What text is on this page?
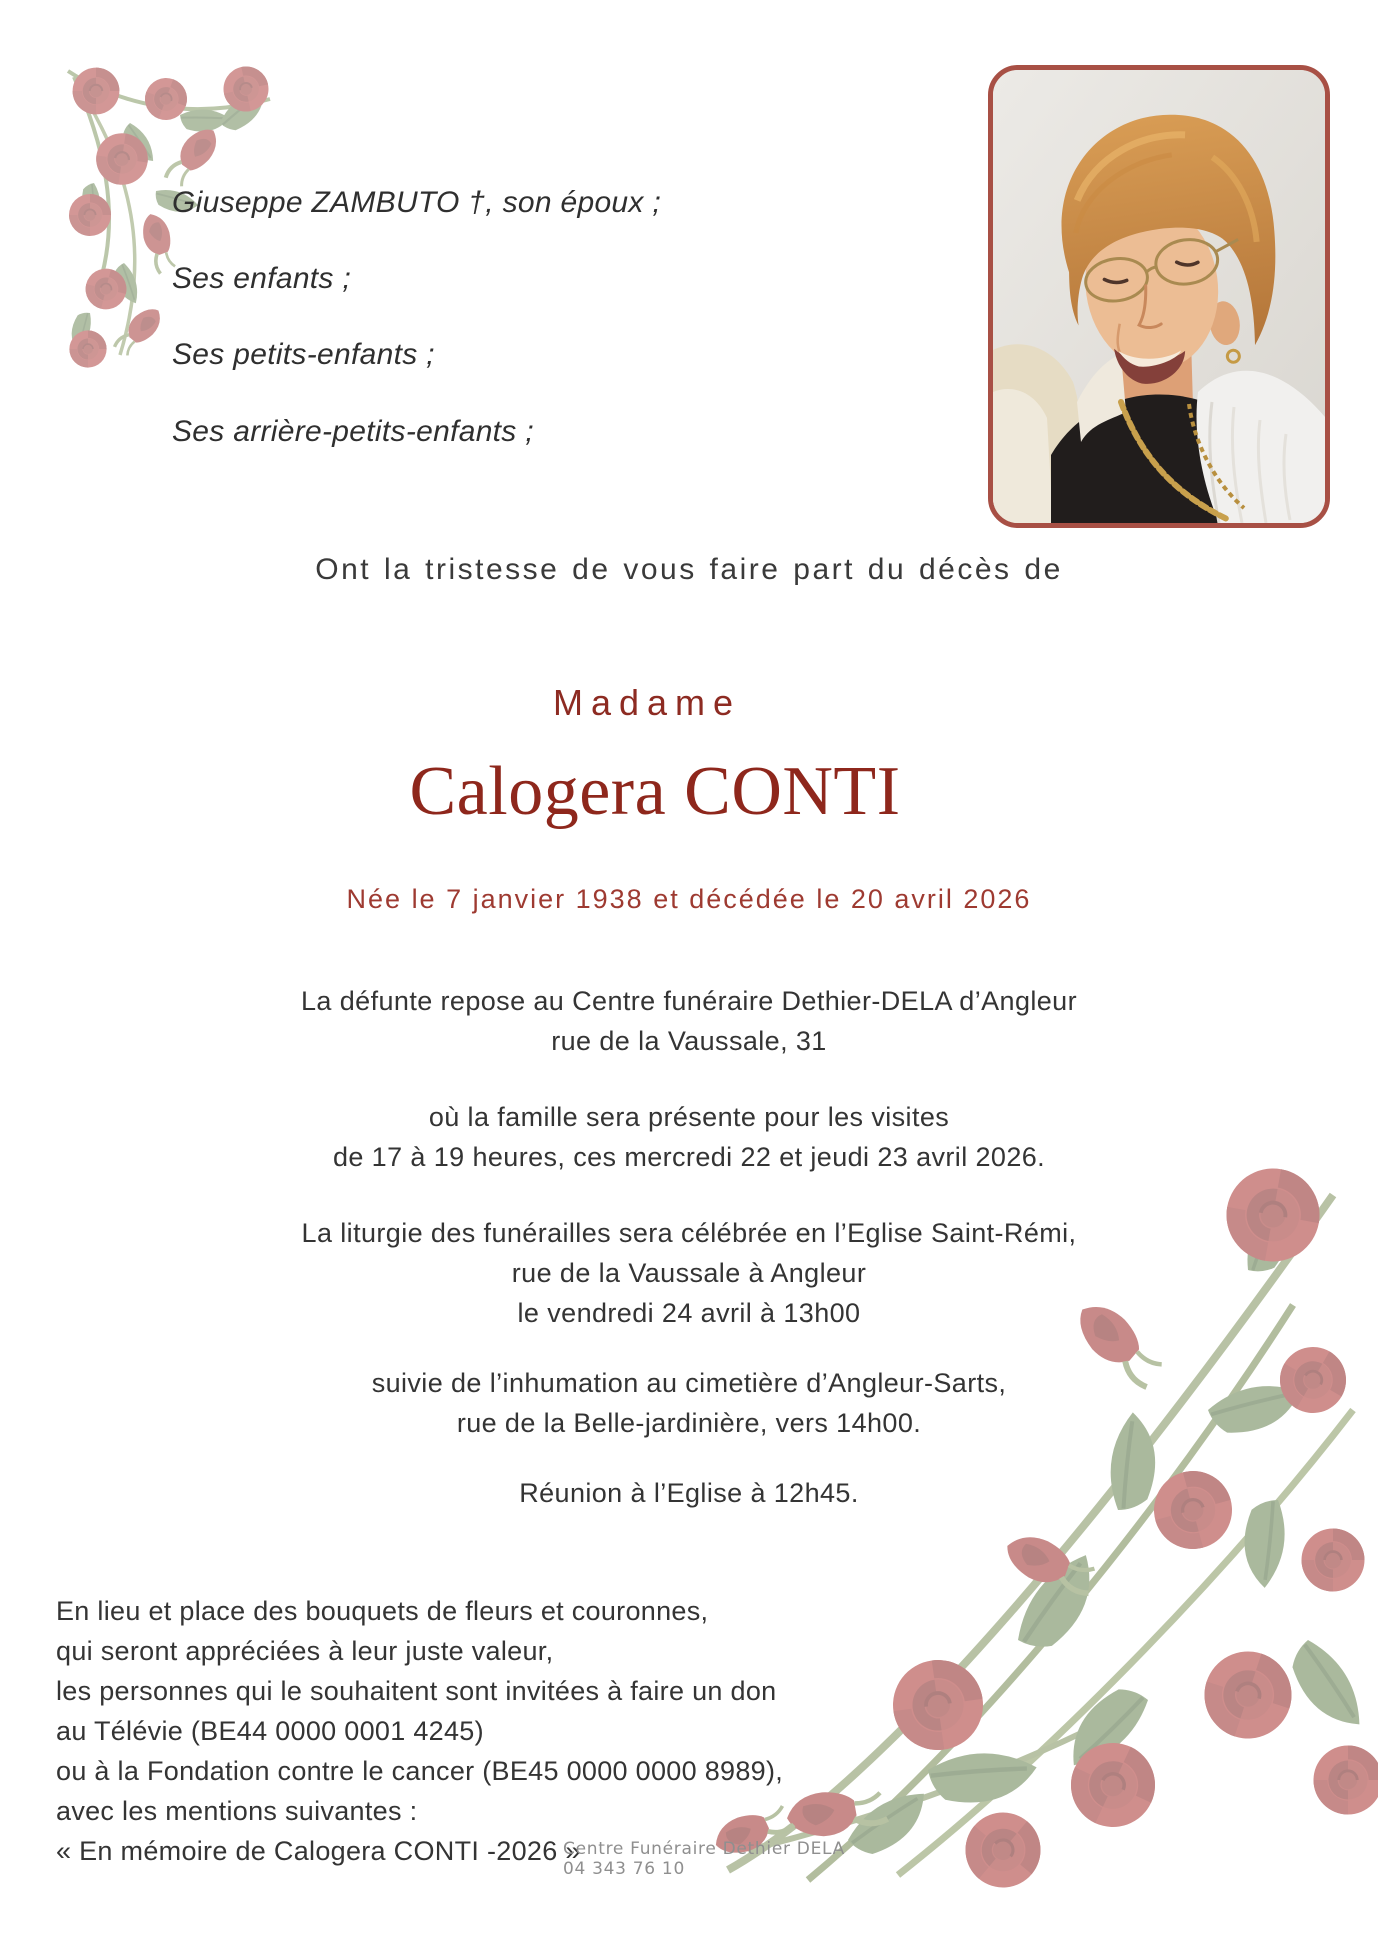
Giuseppe ZAMBUTO †, son époux ;
Ses enfants ;
Ses petits-enfants ;
Ses arrière-petits-enfants ;
Ont la tristesse de vous faire part du décès de
Madame
Calogera CONTI
Née le 7 janvier 1938 et décédée le 20 avril 2026
La défunte repose au Centre funéraire Dethier-DELA d’Angleur
rue de la Vaussale, 31
où la famille sera présente pour les visites
de 17 à 19 heures, ces mercredi 22 et jeudi 23 avril 2026.
La liturgie des funérailles sera célébrée en l’Eglise Saint-Rémi,
rue de la Vaussale à Angleur
le vendredi 24 avril à 13h00
suivie de l’inhumation au cimetière d’Angleur-Sarts,
rue de la Belle-jardinière, vers 14h00.
Réunion à l’Eglise à 12h45.
En lieu et place des bouquets de fleurs et couronnes,
qui seront appréciées à leur juste valeur,
les personnes qui le souhaitent sont invitées à faire un don
au Télévie (BE44 0000 0001 4245)
ou à la Fondation contre le cancer (BE45 0000 0000 8989),
avec les mentions suivantes :
« En mémoire de Calogera CONTI -2026 »
Centre Funéraire Dethier DELA
04 343 76 10
